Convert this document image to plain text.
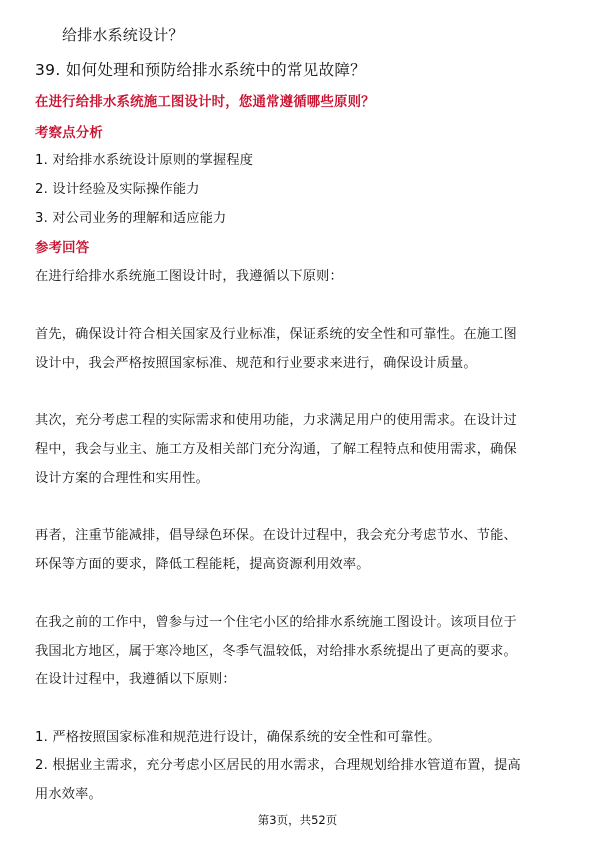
给排水系统设计？
39. 如何处理和预防给排水系统中的常见故障？
在进行给排水系统施工图设计时，您通常遵循哪些原则？
考察点分析
1. 对给排水系统设计原则的掌握程度
2. 设计经验及实际操作能力
3. 对公司业务的理解和适应能力
参考回答
在进行给排水系统施工图设计时，我遵循以下原则：
首先，确保设计符合相关国家及行业标准，保证系统的安全性和可靠性。在施工图
设计中，我会严格按照国家标准、规范和行业要求来进行，确保设计质量。
其次，充分考虑工程的实际需求和使用功能，力求满足用户的使用需求。在设计过
程中，我会与业主、施工方及相关部门充分沟通，了解工程特点和使用需求，确保
设计方案的合理性和实用性。
再者，注重节能减排，倡导绿色环保。在设计过程中，我会充分考虑节水、节能、
环保等方面的要求，降低工程能耗，提高资源利用效率。
在我之前的工作中，曾参与过一个住宅小区的给排水系统施工图设计。该项目位于
我国北方地区，属于寒冷地区，冬季气温较低，对给排水系统提出了更高的要求。
在设计过程中，我遵循以下原则：
1. 严格按照国家标准和规范进行设计，确保系统的安全性和可靠性。
2. 根据业主需求，充分考虑小区居民的用水需求，合理规划给排水管道布置，提高
用水效率。
第3页，共52页
